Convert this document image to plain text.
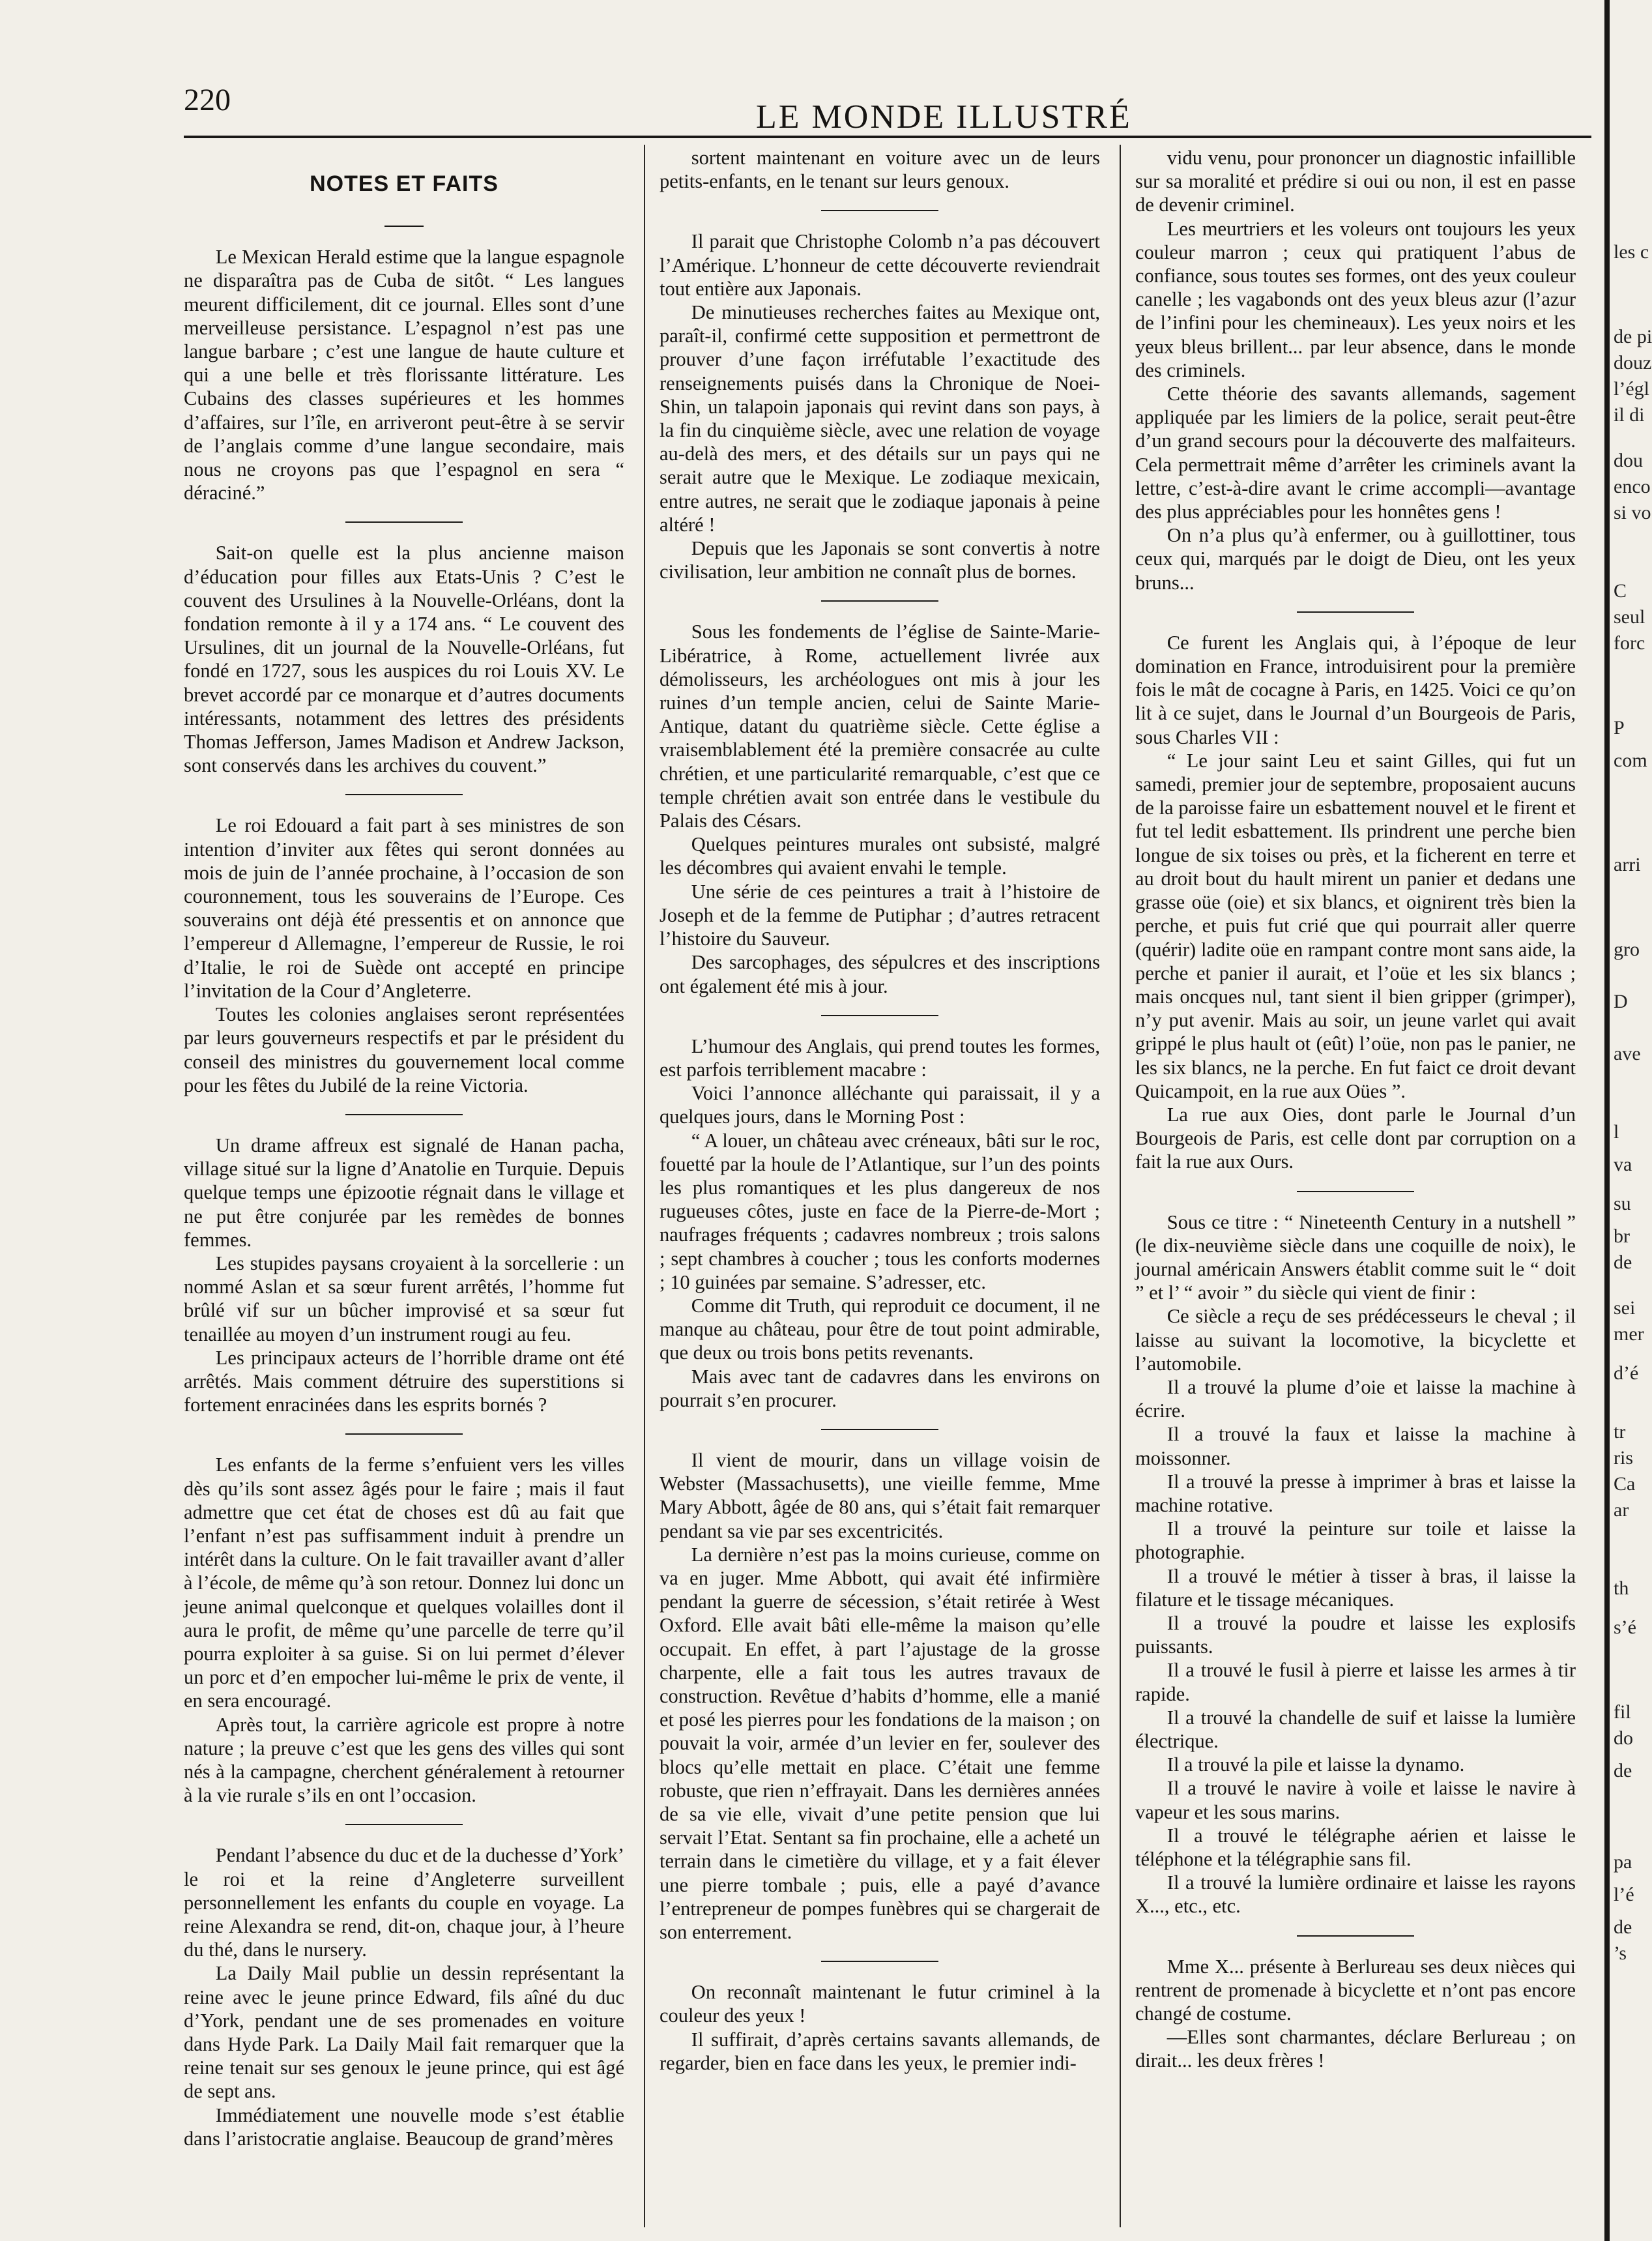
220	LE MONDE ILLUSTRÉ
NOTES ET FAITS

Le Mexican Herald estime que la langue espagnole ne disparaîtra pas de Cuba de sitôt. “ Les langues meurent difficilement, dit ce journal. Elles sont d’une merveilleuse persistance. L’espagnol n’est pas une langue barbare ; c’est une langue de haute culture et qui a une belle et très florissante littérature. Les Cubains des classes supérieures et les hommes d’affaires, sur l’île, en arriveront peut-être à se servir de l’anglais comme d’une langue secondaire, mais nous ne croyons pas que l’espagnol en sera “ déraciné.”

Sait-on quelle est la plus ancienne maison d’éducation pour filles aux Etats-Unis ? C’est le couvent des Ursulines à la Nouvelle-Orléans, dont la fondation remonte à il y a 174 ans. “ Le couvent des Ursulines, dit un journal de la Nouvelle-Orléans, fut fondé en 1727, sous les auspices du roi Louis XV. Le brevet accordé par ce monarque et d’autres documents intéressants, notamment des lettres des présidents Thomas Jefferson, James Madison et Andrew Jackson, sont conservés dans les archives du couvent.”

Le roi Edouard a fait part à ses ministres de son intention d’inviter aux fêtes qui seront données au mois de juin de l’année prochaine, à l’occasion de son couronnement, tous les souverains de l’Europe. Ces souverains ont déjà été pressentis et on annonce que l’empereur d Allemagne, l’empereur de Russie, le roi d’Italie, le roi de Suède ont accepté en principe l’invitation de la Cour d’Angleterre.

Toutes les colonies anglaises seront représentées par leurs gouverneurs respectifs et par le président du conseil des ministres du gouvernement local comme pour les fêtes du Jubilé de la reine Victoria.

Un drame affreux est signalé de Hanan pacha, village situé sur la ligne d’Anatolie en Turquie. Depuis quelque temps une épizootie régnait dans le village et ne put être conjurée par les remèdes de bonnes femmes.

Les stupides paysans croyaient à la sorcellerie : un nommé Aslan et sa sœur furent arrêtés, l’homme fut brûlé vif sur un bûcher improvisé et sa sœur fut tenaillée au moyen d’un instrument rougi au feu.

Les principaux acteurs de l’horrible drame ont été arrêtés. Mais comment détruire des superstitions si fortement enracinées dans les esprits bornés ?

Les enfants de la ferme s’enfuient vers les villes dès qu’ils sont assez âgés pour le faire ; mais il faut admettre que cet état de choses est dû au fait que l’enfant n’est pas suffisamment induit à prendre un intérêt dans la culture. On le fait travailler avant d’aller à l’école, de même qu’à son retour. Donnez lui donc un jeune animal quelconque et quelques volailles dont il aura le profit, de même qu’une parcelle de terre qu’il pourra exploiter à sa guise. Si on lui permet d’élever un porc et d’en empocher lui-même le prix de vente, il en sera encouragé.

Après tout, la carrière agricole est propre à notre nature ; la preuve c’est que les gens des villes qui sont nés à la campagne, cherchent généralement à retourner à la vie rurale s’ils en ont l’occasion.

Pendant l’absence du duc et de la duchesse d’York’ le roi et la reine d’Angleterre surveillent personnellement les enfants du couple en voyage. La reine Alexandra se rend, dit-on, chaque jour, à l’heure du thé, dans le nursery.

La Daily Mail publie un dessin représentant la reine avec le jeune prince Edward, fils aîné du duc d’York, pendant une de ses promenades en voiture dans Hyde Park. La Daily Mail fait remarquer que la reine tenait sur ses genoux le jeune prince, qui est âgé de sept ans.

Immédiatement une nouvelle mode s’est établie dans l’aristocratie anglaise. Beaucoup de grand’mères

sortent maintenant en voiture avec un de leurs petits-enfants, en le tenant sur leurs genoux.

Il parait que Christophe Colomb n’a pas découvert l’Amérique. L’honneur de cette découverte reviendrait tout entière aux Japonais.

De minutieuses recherches faites au Mexique ont, paraît-il, confirmé cette supposition et permettront de prouver d’une façon irréfutable l’exactitude des renseignements puisés dans la Chronique de Noei-Shin, un talapoin japonais qui revint dans son pays, à la fin du cinquième siècle, avec une relation de voyage au-delà des mers, et des détails sur un pays qui ne serait autre que le Mexique. Le zodiaque mexicain, entre autres, ne serait que le zodiaque japonais à peine altéré !

Depuis que les Japonais se sont convertis à notre civilisation, leur ambition ne connaît plus de bornes.

Sous les fondements de l’église de Sainte-Marie-Libératrice, à Rome, actuellement livrée aux démolisseurs, les archéologues ont mis à jour les ruines d’un temple ancien, celui de Sainte Marie-Antique, datant du quatrième siècle. Cette église a vraisemblablement été la première consacrée au culte chrétien, et une particularité remarquable, c’est que ce temple chrétien avait son entrée dans le vestibule du Palais des Césars.

Quelques peintures murales ont subsisté, malgré les décombres qui avaient envahi le temple.

Une série de ces peintures a trait à l’histoire de Joseph et de la femme de Putiphar ; d’autres retracent l’histoire du Sauveur.

Des sarcophages, des sépulcres et des inscriptions ont également été mis à jour.

L’humour des Anglais, qui prend toutes les formes, est parfois terriblement macabre :

Voici l’annonce alléchante qui paraissait, il y a quelques jours, dans le Morning Post :

“ A louer, un château avec créneaux, bâti sur le roc, fouetté par la houle de l’Atlantique, sur l’un des points les plus romantiques et les plus dangereux de nos rugueuses côtes, juste en face de la Pierre-de-Mort ; naufrages fréquents ; cadavres nombreux ; trois salons ; sept chambres à coucher ; tous les conforts modernes ; 10 guinées par semaine. S’adresser, etc.

Comme dit Truth, qui reproduit ce document, il ne manque au château, pour être de tout point admirable, que deux ou trois bons petits revenants.

Mais avec tant de cadavres dans les environs on pourrait s’en procurer.

Il vient de mourir, dans un village voisin de Webster (Massachusetts), une vieille femme, Mme Mary Abbott, âgée de 80 ans, qui s’était fait remarquer pendant sa vie par ses excentricités.

La dernière n’est pas la moins curieuse, comme on va en juger. Mme Abbott, qui avait été infirmière pendant la guerre de sécession, s’était retirée à West Oxford. Elle avait bâti elle-même la maison qu’elle occupait. En effet, à part l’ajustage de la grosse charpente, elle a fait tous les autres travaux de construction. Revêtue d’habits d’homme, elle a manié et posé les pierres pour les fondations de la maison ; on pouvait la voir, armée d’un levier en fer, soulever des blocs qu’elle mettait en place. C’était une femme robuste, que rien n’effrayait. Dans les dernières années de sa vie elle, vivait d’une petite pension que lui servait l’Etat. Sentant sa fin prochaine, elle a acheté un terrain dans le cimetière du village, et y a fait élever une pierre tombale ; puis, elle a payé d’avance l’entrepreneur de pompes funèbres qui se chargerait de son enterrement.

On reconnaît maintenant le futur criminel à la couleur des yeux !

Il suffirait, d’après certains savants allemands, de regarder, bien en face dans les yeux, le premier indi-

vidu venu, pour prononcer un diagnostic infaillible sur sa moralité et prédire si oui ou non, il est en passe de devenir criminel.

Les meurtriers et les voleurs ont toujours les yeux couleur marron ; ceux qui pratiquent l’abus de confiance, sous toutes ses formes, ont des yeux couleur canelle ; les vagabonds ont des yeux bleus azur (l’azur de l’infini pour les chemineaux). Les yeux noirs et les yeux bleus brillent... par leur absence, dans le monde des criminels.

Cette théorie des savants allemands, sagement appliquée par les limiers de la police, serait peut-être d’un grand secours pour la découverte des malfaiteurs. Cela permettrait même d’arrêter les criminels avant la lettre, c’est-à-dire avant le crime accompli—avantage des plus appréciables pour les honnêtes gens !

On n’a plus qu’à enfermer, ou à guillottiner, tous ceux qui, marqués par le doigt de Dieu, ont les yeux bruns...

Ce furent les Anglais qui, à l’époque de leur domination en France, introduisirent pour la première fois le mât de cocagne à Paris, en 1425. Voici ce qu’on lit à ce sujet, dans le Journal d’un Bourgeois de Paris, sous Charles VII :

“ Le jour saint Leu et saint Gilles, qui fut un samedi, premier jour de septembre, proposaient aucuns de la paroisse faire un esbattement nouvel et le firent et fut tel ledit esbattement. Ils prindrent une perche bien longue de six toises ou près, et la ficherent en terre et au droit bout du hault mirent un panier et dedans une grasse oüe (oie) et six blancs, et oignirent très bien la perche, et puis fut crié que qui pourrait aller querre (quérir) ladite oüe en rampant contre mont sans aide, la perche et panier il aurait, et l’oüe et les six blancs ; mais oncques nul, tant sient il bien gripper (grimper), n’y put avenir. Mais au soir, un jeune varlet qui avait grippé le plus hault ot (eût) l’oüe, non pas le panier, ne les six blancs, ne la perche. En fut faict ce droit devant Quicampoit, en la rue aux Oües ”.

La rue aux Oies, dont parle le Journal d’un Bourgeois de Paris, est celle dont par corruption on a fait la rue aux Ours.

Sous ce titre : “ Nineteenth Century in a nutshell ” (le dix-neuvième siècle dans une coquille de noix), le journal américain Answers établit comme suit le “ doit ” et l’ “ avoir ” du siècle qui vient de finir :

Ce siècle a reçu de ses prédécesseurs le cheval ; il laisse au suivant la locomotive, la bicyclette et l’automobile.

Il a trouvé la plume d’oie et laisse la machine à écrire.

Il a trouvé la faux et laisse la machine à moissonner.

Il a trouvé la presse à imprimer à bras et laisse la machine rotative.

Il a trouvé la peinture sur toile et laisse la photographie.

Il a trouvé le métier à tisser à bras, il laisse la filature et le tissage mécaniques.

Il a trouvé la poudre et laisse les explosifs puissants.

Il a trouvé le fusil à pierre et laisse les armes à tir rapide.

Il a trouvé la chandelle de suif et laisse la lumière électrique.

Il a trouvé la pile et laisse la dynamo.

Il a trouvé le navire à voile et laisse le navire à vapeur et les sous marins.

Il a trouvé le télégraphe aérien et laisse le téléphone et la télégraphie sans fil.

Il a trouvé la lumière ordinaire et laisse les rayons X..., etc., etc.

Mme X... présente à Berlureau ses deux nièces qui rentrent de promenade à bicyclette et n’ont pas encore changé de costume.

—Elles sont charmantes, déclare Berlureau ; on dirait... les deux frères !

les c
de pi
douz
l’égl
il di
dou
enco
si vo
C
seul
forc
P
com
arri
gro
D
ave
l
va
su
br
de
sei
mer
d’é
tr
ris
Ca
ar
th
s’é
fil
do
de
pa
l’é
de
’s
